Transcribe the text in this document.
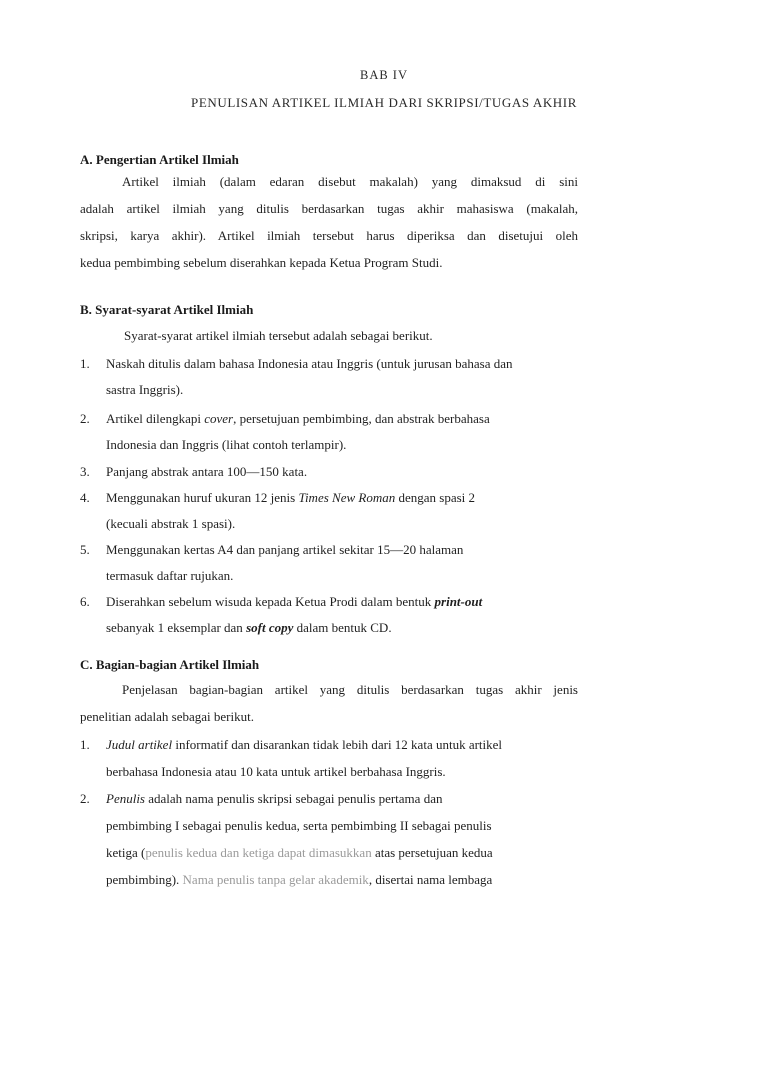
BAB IV
PENULISAN ARTIKEL ILMIAH DARI SKRIPSI/TUGAS AKHIR
A. Pengertian Artikel Ilmiah
Artikel ilmiah (dalam edaran disebut makalah) yang dimaksud di sini
adalah artikel ilmiah yang ditulis berdasarkan tugas akhir mahasiswa (makalah,
skripsi, karya akhir). Artikel ilmiah tersebut harus diperiksa dan disetujui oleh
kedua pembimbing sebelum diserahkan kepada Ketua Program Studi.
B. Syarat-syarat Artikel Ilmiah
Syarat-syarat artikel ilmiah tersebut adalah sebagai berikut.
1. Naskah ditulis dalam bahasa Indonesia atau Inggris (untuk jurusan bahasa dan
sastra Inggris).
2. Artikel dilengkapi cover, persetujuan pembimbing, dan abstrak berbahasa
Indonesia dan Inggris (lihat contoh terlampir).
3. Panjang abstrak antara 100—150 kata.
4. Menggunakan huruf ukuran 12 jenis Times New Roman dengan spasi 2
(kecuali abstrak 1 spasi).
5. Menggunakan kertas A4 dan panjang artikel sekitar 15—20 halaman
termasuk daftar rujukan.
6. Diserahkan sebelum wisuda kepada Ketua Prodi dalam bentuk print-out
sebanyak 1 eksemplar dan soft copy dalam bentuk CD.
C. Bagian-bagian Artikel Ilmiah
Penjelasan bagian-bagian artikel yang ditulis berdasarkan tugas akhir jenis
penelitian adalah sebagai berikut.
1. Judul artikel informatif dan disarankan tidak lebih dari 12 kata untuk artikel
berbahasa Indonesia atau 10 kata untuk artikel berbahasa Inggris.
2. Penulis adalah nama penulis skripsi sebagai penulis pertama dan
pembimbing I sebagai penulis kedua, serta pembimbing II sebagai penulis
ketiga (penulis kedua dan ketiga dapat dimasukkan atas persetujuan kedua
pembimbing). Nama penulis tanpa gelar akademik, disertai nama lembaga
